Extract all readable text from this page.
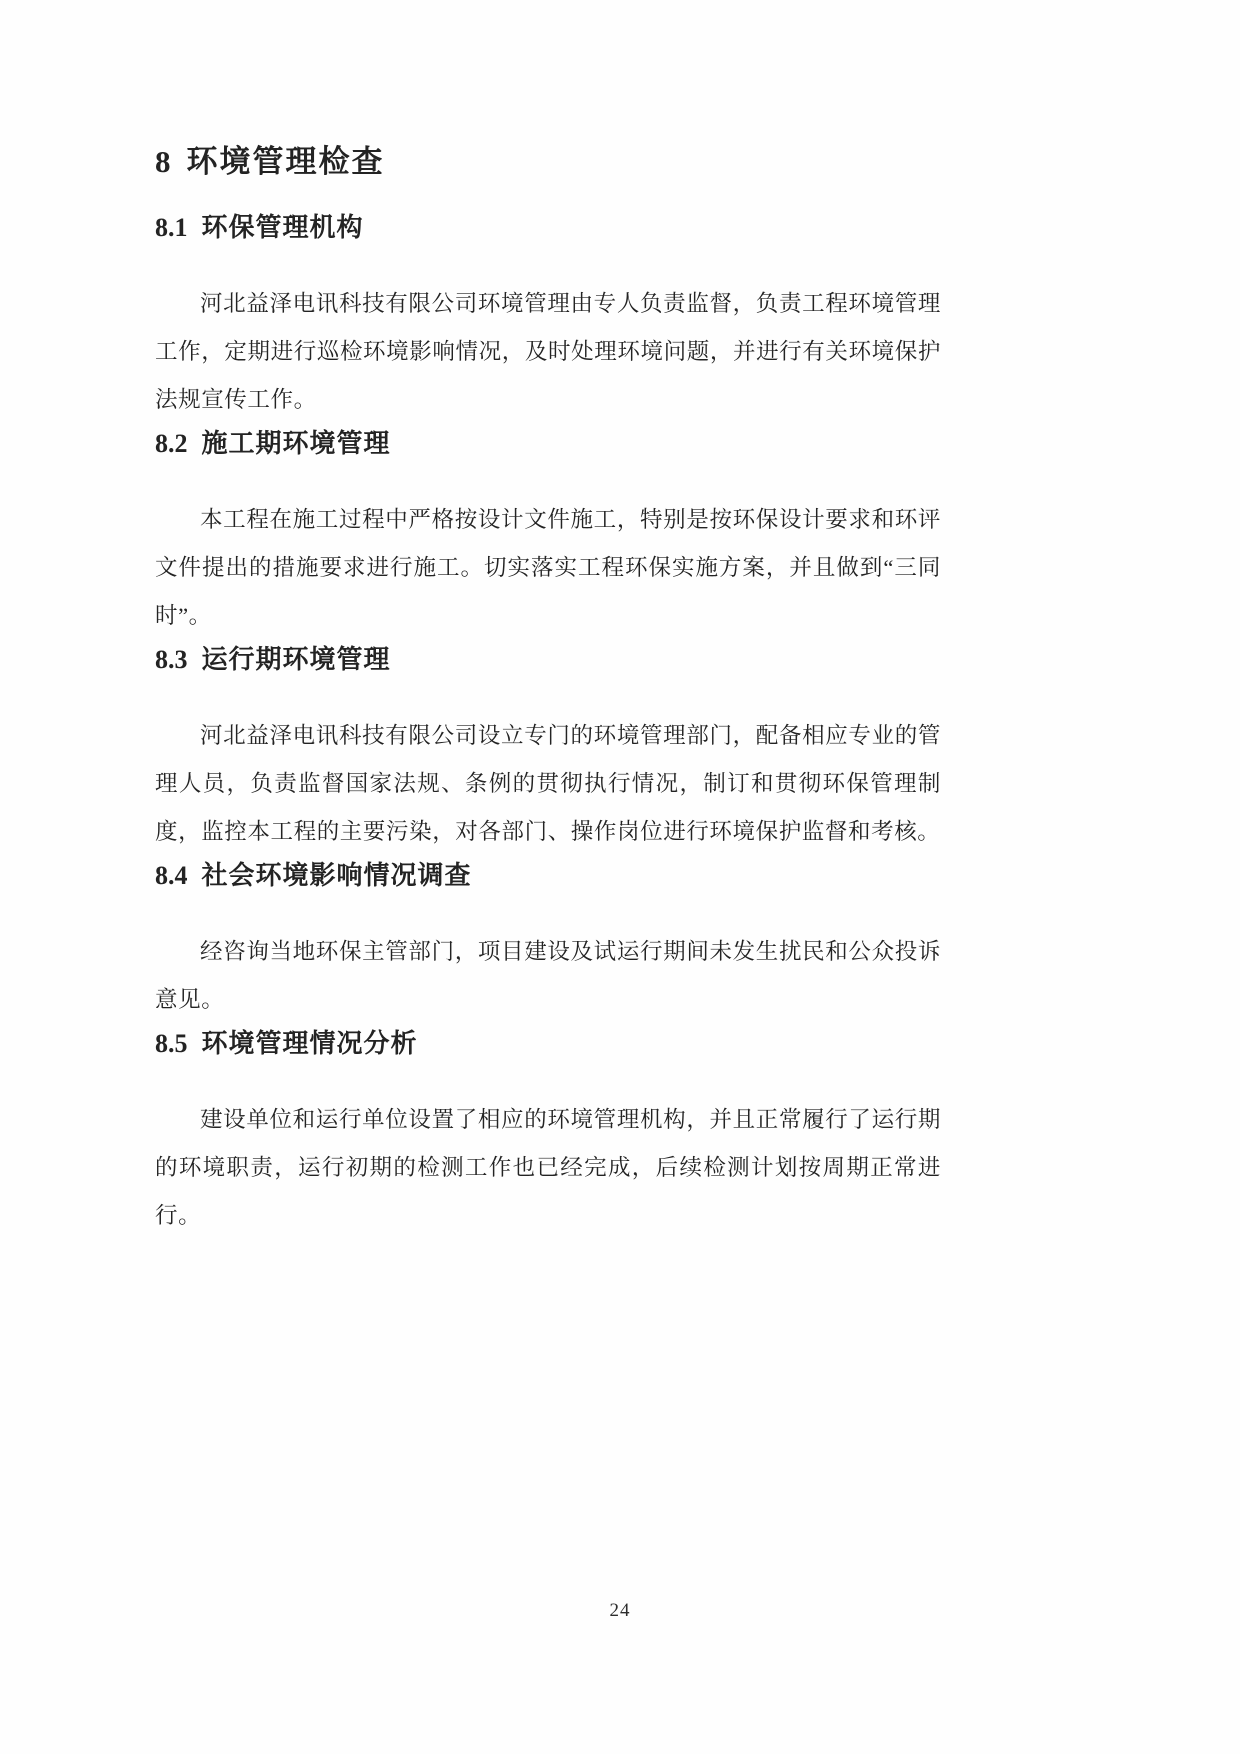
8 环境管理检查
8.1 环保管理机构

河北益泽电讯科技有限公司环境管理由专人负责监督，负责工程环境管理工作，定期进行巡检环境影响情况，及时处理环境问题，并进行有关环境保护法规宣传工作。

8.2 施工期环境管理

本工程在施工过程中严格按设计文件施工，特别是按环保设计要求和环评文件提出的措施要求进行施工。切实落实工程环保实施方案，并且做到“三同时”。

8.3 运行期环境管理

河北益泽电讯科技有限公司设立专门的环境管理部门，配备相应专业的管理人员，负责监督国家法规、条例的贯彻执行情况，制订和贯彻环保管理制度，监控本工程的主要污染，对各部门、操作岗位进行环境保护监督和考核。

8.4 社会环境影响情况调查

经咨询当地环保主管部门，项目建设及试运行期间未发生扰民和公众投诉意见。

8.5 环境管理情况分析

建设单位和运行单位设置了相应的环境管理机构，并且正常履行了运行期的环境职责，运行初期的检测工作也已经完成，后续检测计划按周期正常进行。

24
